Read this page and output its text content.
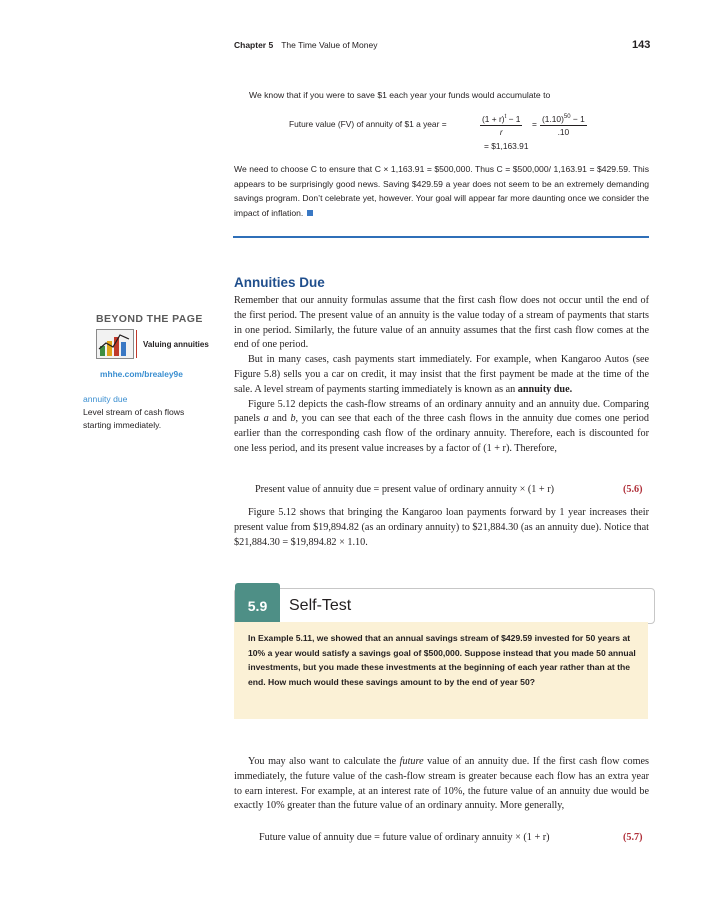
Chapter 5 The Time Value of Money	143
We know that if you were to save $1 each year your funds would accumulate to
Future value (FV) of annuity of $1 a year =	$\frac{(1 + r)^t - 1}{r} = \frac{(1.10)^{50} - 1}{.10}$
= $1,163.91
We need to choose C to ensure that C × 1,163.91 = $500,000. Thus C = $500,000/ 1,163.91 = $429.59. This appears to be surprisingly good news. Saving $429.59 a year does not seem to be an extremely demanding savings program. Don’t celebrate yet, however. Your goal will appear far more daunting once we consider the impact of inflation.
Annuities Due

Remember that our annuity formulas assume that the first cash flow does not occur until the end of the first period. The present value of an annuity is the value today of a stream of payments that starts in one period. Similarly, the future value of an annuity assumes that the first cash flow comes at the end of one period.

But in many cases, cash payments start immediately. For example, when Kangaroo Autos (see Figure 5.8) sells you a car on credit, it may insist that the first payment be made at the time of the sale. A level stream of payments starting immediately is known as an annuity due.

Figure 5.12 depicts the cash-flow streams of an ordinary annuity and an annuity due. Comparing panels a and b, you can see that each of the three cash flows in the annuity due comes one period earlier than the corresponding cash flow of the ordinary annuity. Therefore, each is discounted for one less period, and its present value increases by a factor of (1 + r). Therefore,

Present value of annuity due = present value of ordinary annuity × (1 + r)	(5.6)
Figure 5.12 shows that bringing the Kangaroo loan payments forward by 1 year increases their present value from $19,894.82 (as an ordinary annuity) to $21,884.30 (as an annuity due). Notice that $21,884.30 = $19,894.82 × 1.10.
BEYOND THE PAGE
Valuing annuities
mhhe.com/brealey9e
annuity due
Level stream of cash flows starting immediately.
5.9	Self-Test
In Example 5.11, we showed that an annual savings stream of $429.59 invested for 50 years at 10% a year would satisfy a savings goal of $500,000. Suppose instead that you made 50 annual investments, but you made these investments at the beginning of each year rather than at the end. How much would these savings amount to by the end of year 50?
You may also want to calculate the future value of an annuity due. If the first cash flow comes immediately, the future value of the cash-flow stream is greater because each flow has an extra year to earn interest. For example, at an interest rate of 10%, the future value of an annuity due would be exactly 10% greater than the future value of an ordinary annuity. More generally,
Future value of annuity due = future value of ordinary annuity × (1 + r)	(5.7)
